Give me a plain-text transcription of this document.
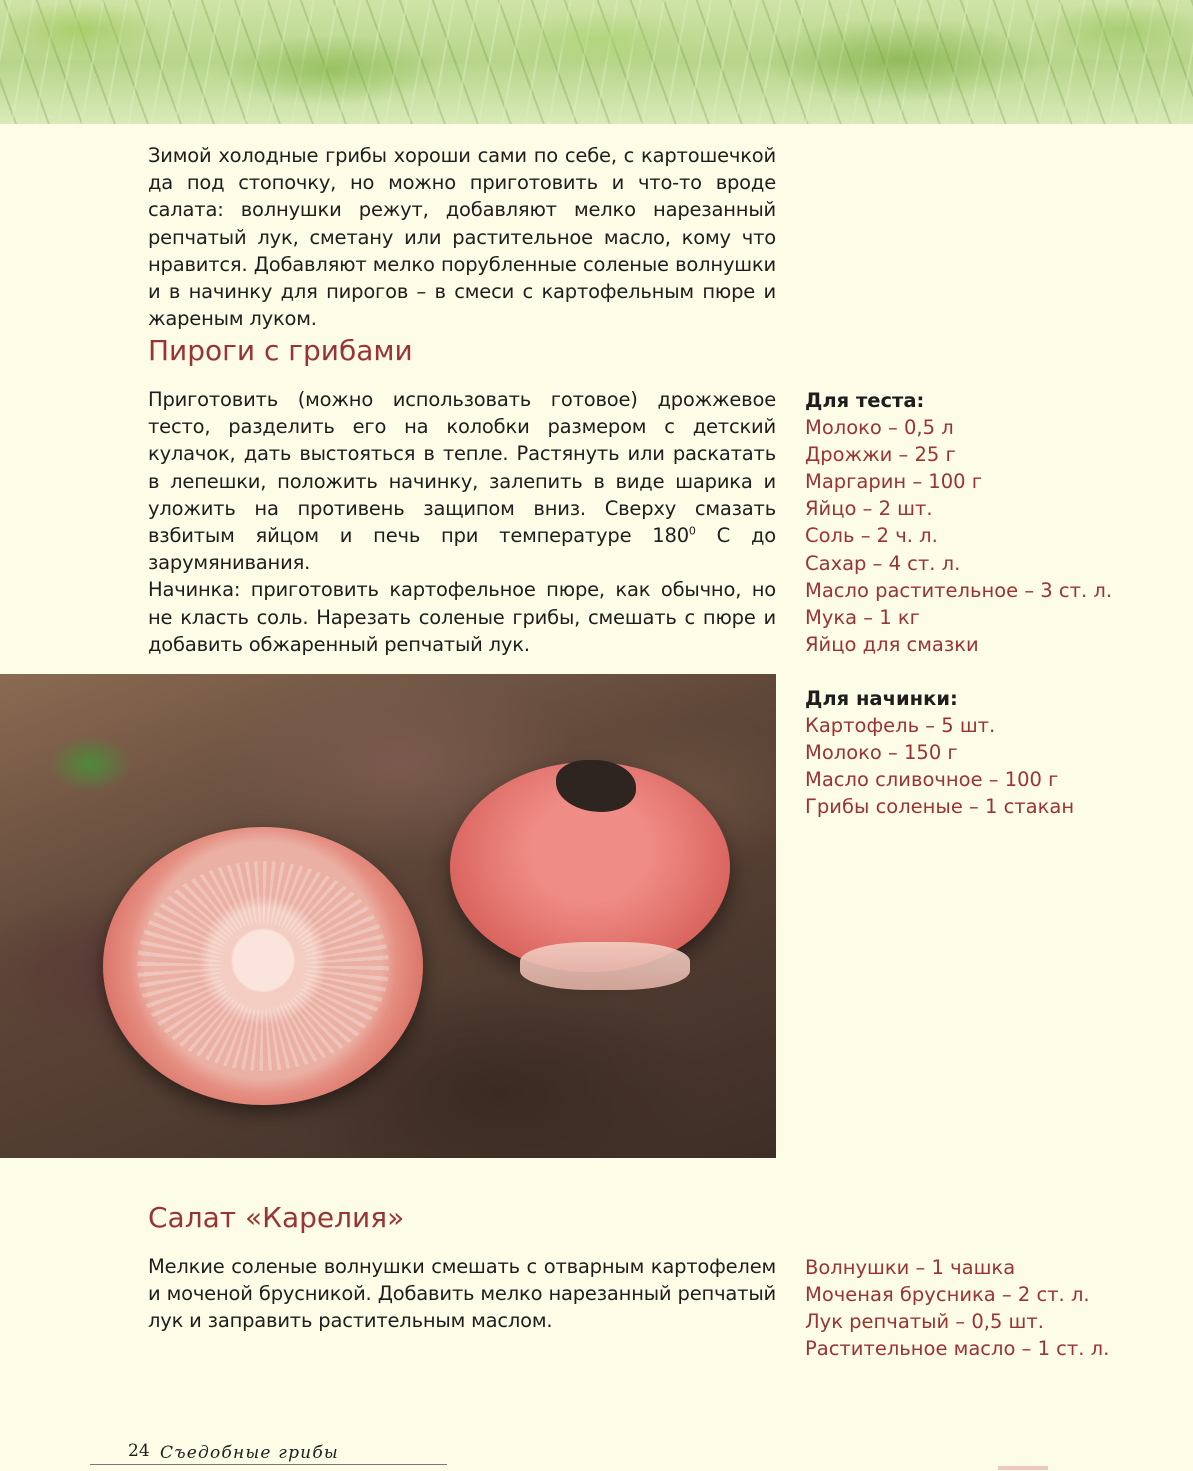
Зимой холодные грибы хороши сами по себе, с картошечкой да под стопочку, но можно приготовить и что-то вроде салата: волнушки режут, добавляют мелко нарезанный репчатый лук, сметану или растительное масло, кому что нравится. Добавляют мелко порубленные соленые волнушки и в начинку для пирогов – в смеси с картофельным пюре и жареным луком.

Пироги с грибами

Приготовить (можно использовать готовое) дрожжевое тесто, разделить его на колобки размером с детский кулачок, дать выстояться в тепле. Растянуть или раскатать в лепешки, положить начинку, залепить в виде шарика и уложить на противень защипом вниз. Сверху смазать взбитым яйцом и печь при температуре $180^0$ С до зарумянивания.
Начинка: приготовить картофельное пюре, как обычно, но не класть соль. Нарезать соленые грибы, смешать с пюре и добавить обжаренный репчатый лук.

Для теста:
Молоко – 0,5 л
Дрожжи – 25 г
Маргарин – 100 г
Яйцо – 2 шт.
Соль – 2 ч. л.
Сахар – 4 ст. л.
Масло растительное – 3 ст. л.
Мука – 1 кг
Яйцо для смазки
Для начинки:
Картофель – 5 шт.
Молоко – 150 г
Масло сливочное – 100 г
Грибы соленые – 1 стакан
Салат «Карелия»

Мелкие соленые волнушки смешать с отварным картофелем и моченой брусникой. Добавить мелко нарезанный репчатый лук и заправить растительным маслом.

Волнушки – 1 чашка
Моченая брусника – 2 ст. л.
Лук репчатый – 0,5 шт.
Растительное масло – 1 ст. л.
24 Съедобные грибы
